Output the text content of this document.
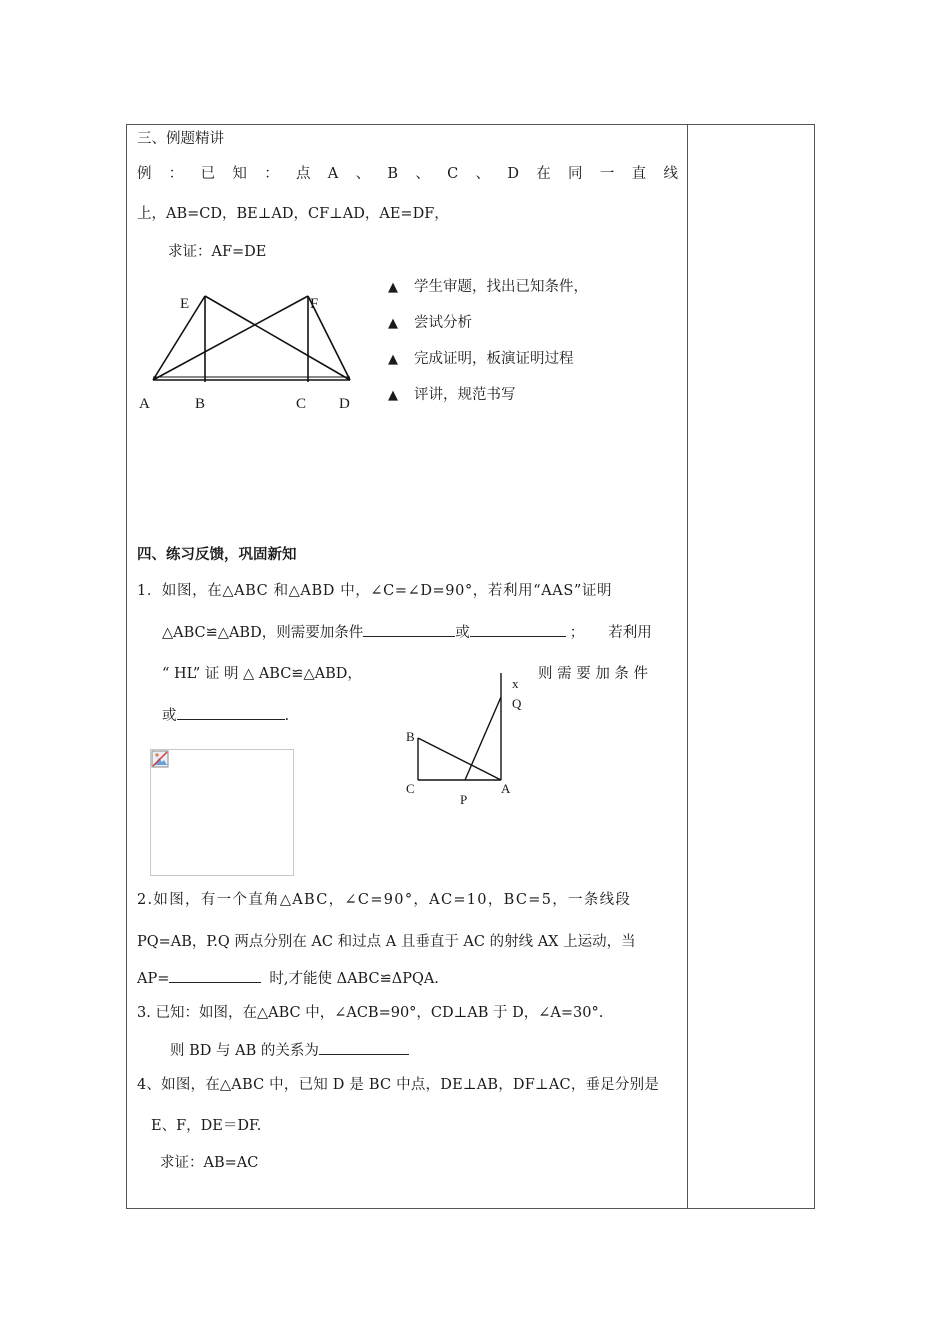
三、例题精讲
例 ： 已 知 ： 点 A 、 B 、 C 、 D 在 同 一 直 线
上，AB=CD，BE⊥AD，CF⊥AD，AE=DF，
求证：AF=DE
E	F
A	B	C D
▲ 学生审题，找出已知条件，
▲ 尝试分析
▲ 完成证明，板演证明过程
▲ 评讲，规范书写
四、练习反馈，巩固新知
1．如图，在△ABC 和△ABD 中，∠C=∠D=90°，若利用“AAS”证明
△ABC≌△ABD，则需要加条件	或	； 若利用
“ HL” 证 明 △ ABC≌△ABD，	则 需 要 加 条 件
或	.
x
Q
B
C
P
A
2.如图，有一个直角△ABC，∠C=90°，AC=10，BC=5，一条线段
PQ=AB，P.Q 两点分别在 AC 和过点 A 且垂直于 AC 的射线 AX 上运动，当
AP=	时,才能使 ΔABC≌ΔPQA.
3. 已知：如图，在△ABC 中，∠ACB=90°，CD⊥AB 于 D，∠A=30°.
则 BD 与 AB 的关系为
4、如图，在△ABC 中，已知 D 是 BC 中点，DE⊥AB，DF⊥AC，垂足分别是
E、F，DE＝DF.
求证：AB=AC
